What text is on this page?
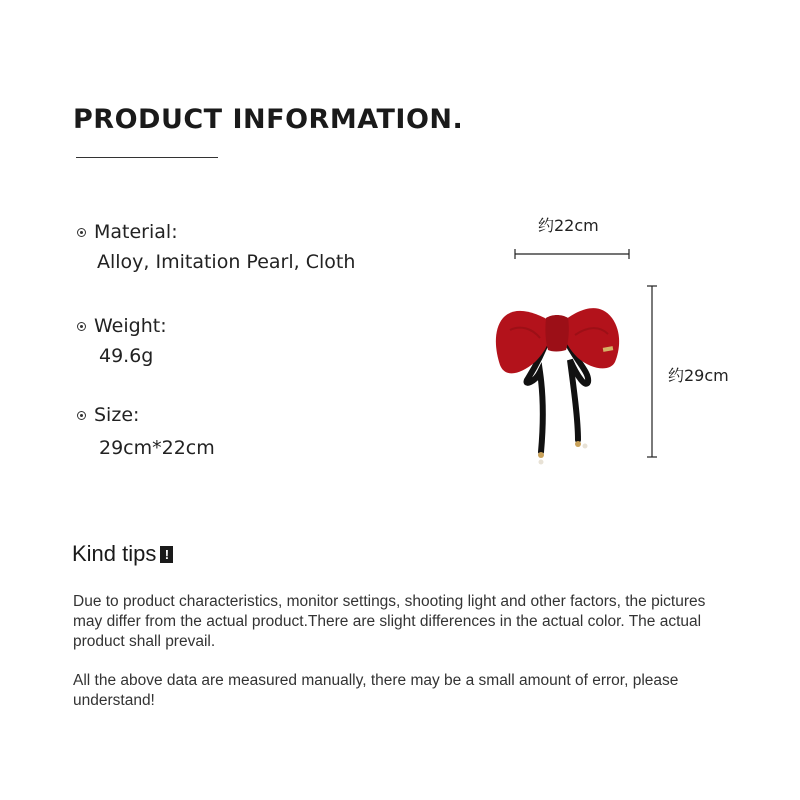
PRODUCT INFORMATION.
Material:
Alloy, Imitation Pearl, Cloth
Weight:
49.6g
Size:
29cm*22cm
约22cm
约29cm
Kind tips !
Due to product characteristics, monitor settings, shooting light and other factors, the pictures may differ from the actual product.There are slight differences in the actual color. The actual product shall prevail.
All the above data are measured manually, there may be a small amount of error, please understand!
